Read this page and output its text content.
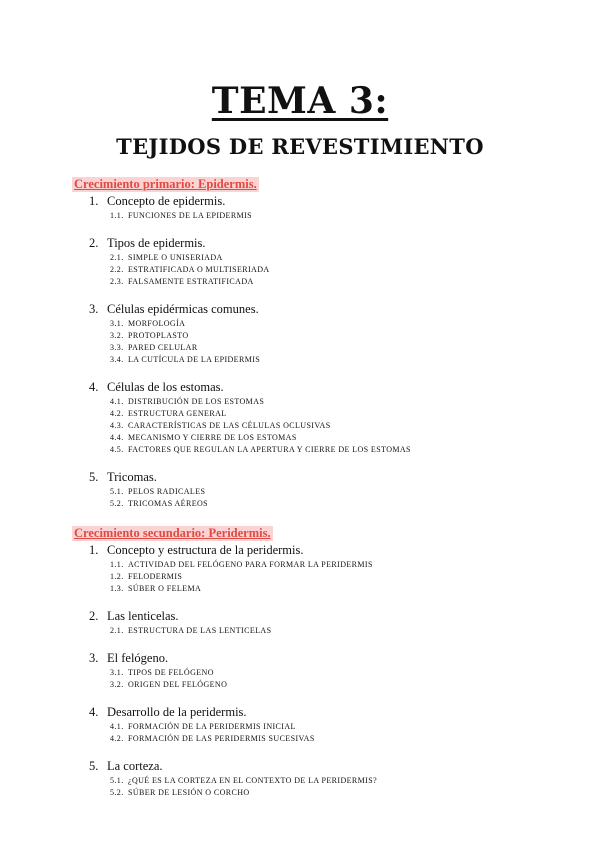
TEMA 3:
TEJIDOS DE REVESTIMIENTO
Crecimiento primario: Epidermis.
1. Concepto de epidermis.
1.1. FUNCIONES DE LA EPIDERMIS
2. Tipos de epidermis.
2.1. SIMPLE O UNISERIADA
2.2. ESTRATIFICADA O MULTISERIADA
2.3. FALSAMENTE ESTRATIFICADA
3. Células epidérmicas comunes.
3.1. MORFOLOGÍA
3.2. PROTOPLASTO
3.3. PARED CELULAR
3.4. LA CUTÍCULA DE LA EPIDERMIS
4. Células de los estomas.
4.1. DISTRIBUCIÓN DE LOS ESTOMAS
4.2. ESTRUCTURA GENERAL
4.3. CARACTERÍSTICAS DE LAS CÉLULAS OCLUSIVAS
4.4. MECANISMO Y CIERRE DE LOS ESTOMAS
4.5. FACTORES QUE REGULAN LA APERTURA Y CIERRE DE LOS ESTOMAS
5. Tricomas.
5.1. PELOS RADICALES
5.2. TRICOMAS AÉREOS
Crecimiento secundario: Peridermis.
1. Concepto y estructura de la peridermis.
1.1. ACTIVIDAD DEL FELÓGENO PARA FORMAR LA PERIDERMIS
1.2. FELODERMIS
1.3. SÚBER O FELEMA
2. Las lenticelas.
2.1. ESTRUCTURA DE LAS LENTICELAS
3. El felógeno.
3.1. TIPOS DE FELÓGENO
3.2. ORIGEN DEL FELÓGENO
4. Desarrollo de la peridermis.
4.1. FORMACIÓN DE LA PERIDERMIS INICIAL
4.2. FORMACIÓN DE LAS PERIDERMIS SUCESIVAS
5. La corteza.
5.1. ¿QUÉ ES LA CORTEZA EN EL CONTEXTO DE LA PERIDERMIS?
5.2. SÚBER DE LESIÓN O CORCHO
